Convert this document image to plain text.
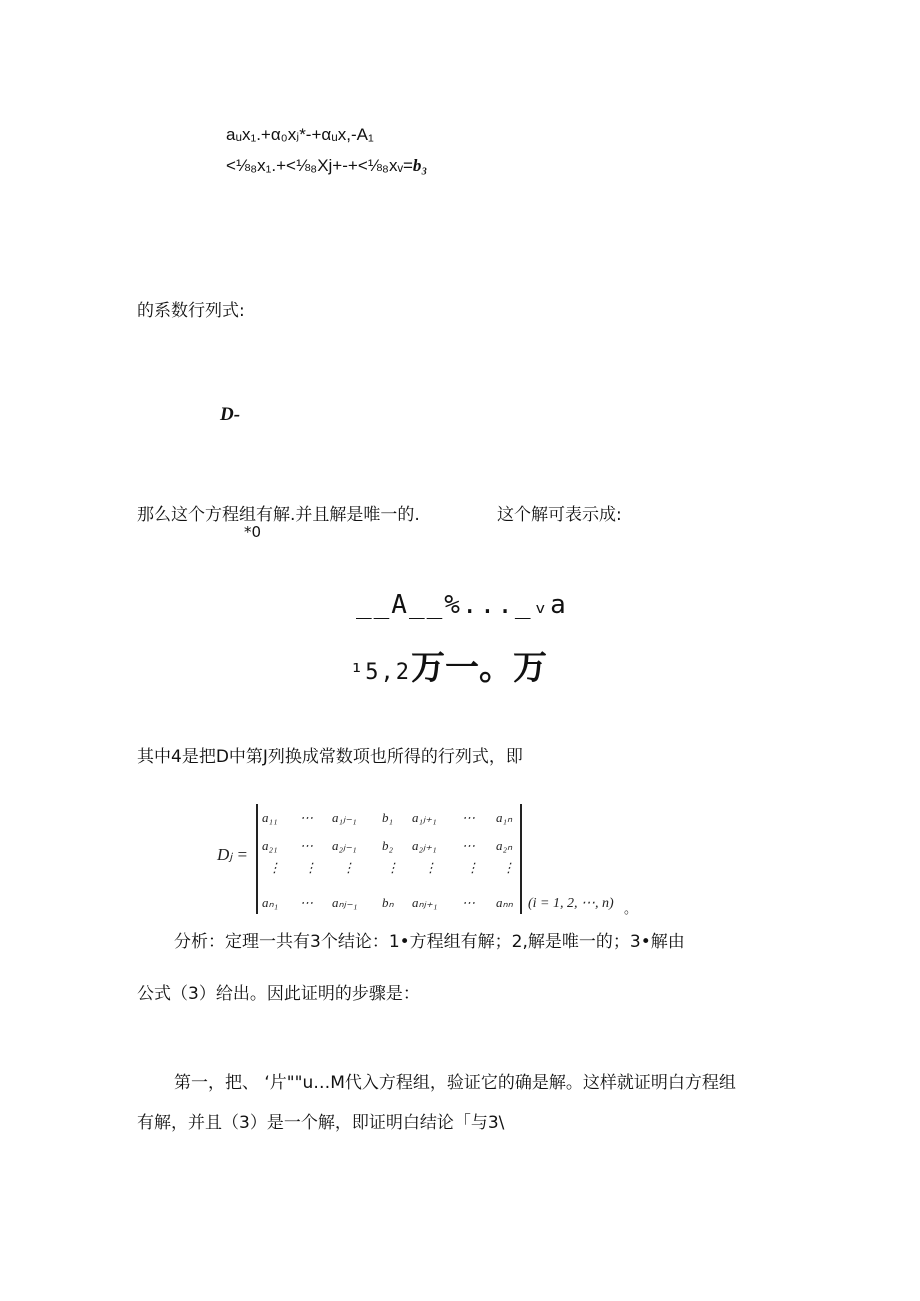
aᵤx₁.+α₀xⱼ*-+αᵤx,-A₁
<⅛₈x₁.+<⅛₈Xj+-+<⅛₈xᵥ=b₃
的系数行列式:
D-
那么这个方程组有解.并且解是唯一的.	这个解可表示成:
*0
__A__%..._ᵥa
¹5,2万一。万
其中4是把D中第J列换成常数项也所得的行列式，即
Dⱼ =
a₁₁ ⋯ a₁ⱼ₋₁ b₁ a₁ⱼ₊₁ ⋯ a₁ₙ
a₂₁ ⋯ a₂ⱼ₋₁ b₂ a₂ⱼ₊₁ ⋯ a₂ₙ
⋮ ⋮ ⋮ ⋮ ⋮ ⋮ ⋮
aₙ₁ ⋯ aₙⱼ₋₁ bₙ aₙⱼ₊₁ ⋯ aₙₙ (i = 1, 2, ⋯, n) 。
分析：定理一共有3个结论：1•方程组有解；2,解是唯一的；3•解由
公式（3）给出。因此证明的步骤是：
第一，把、 ‘片""u…M代入方程组，验证它的确是解。这样就证明白方程组
有解，并且（3）是一个解，即证明白结论「与3\
